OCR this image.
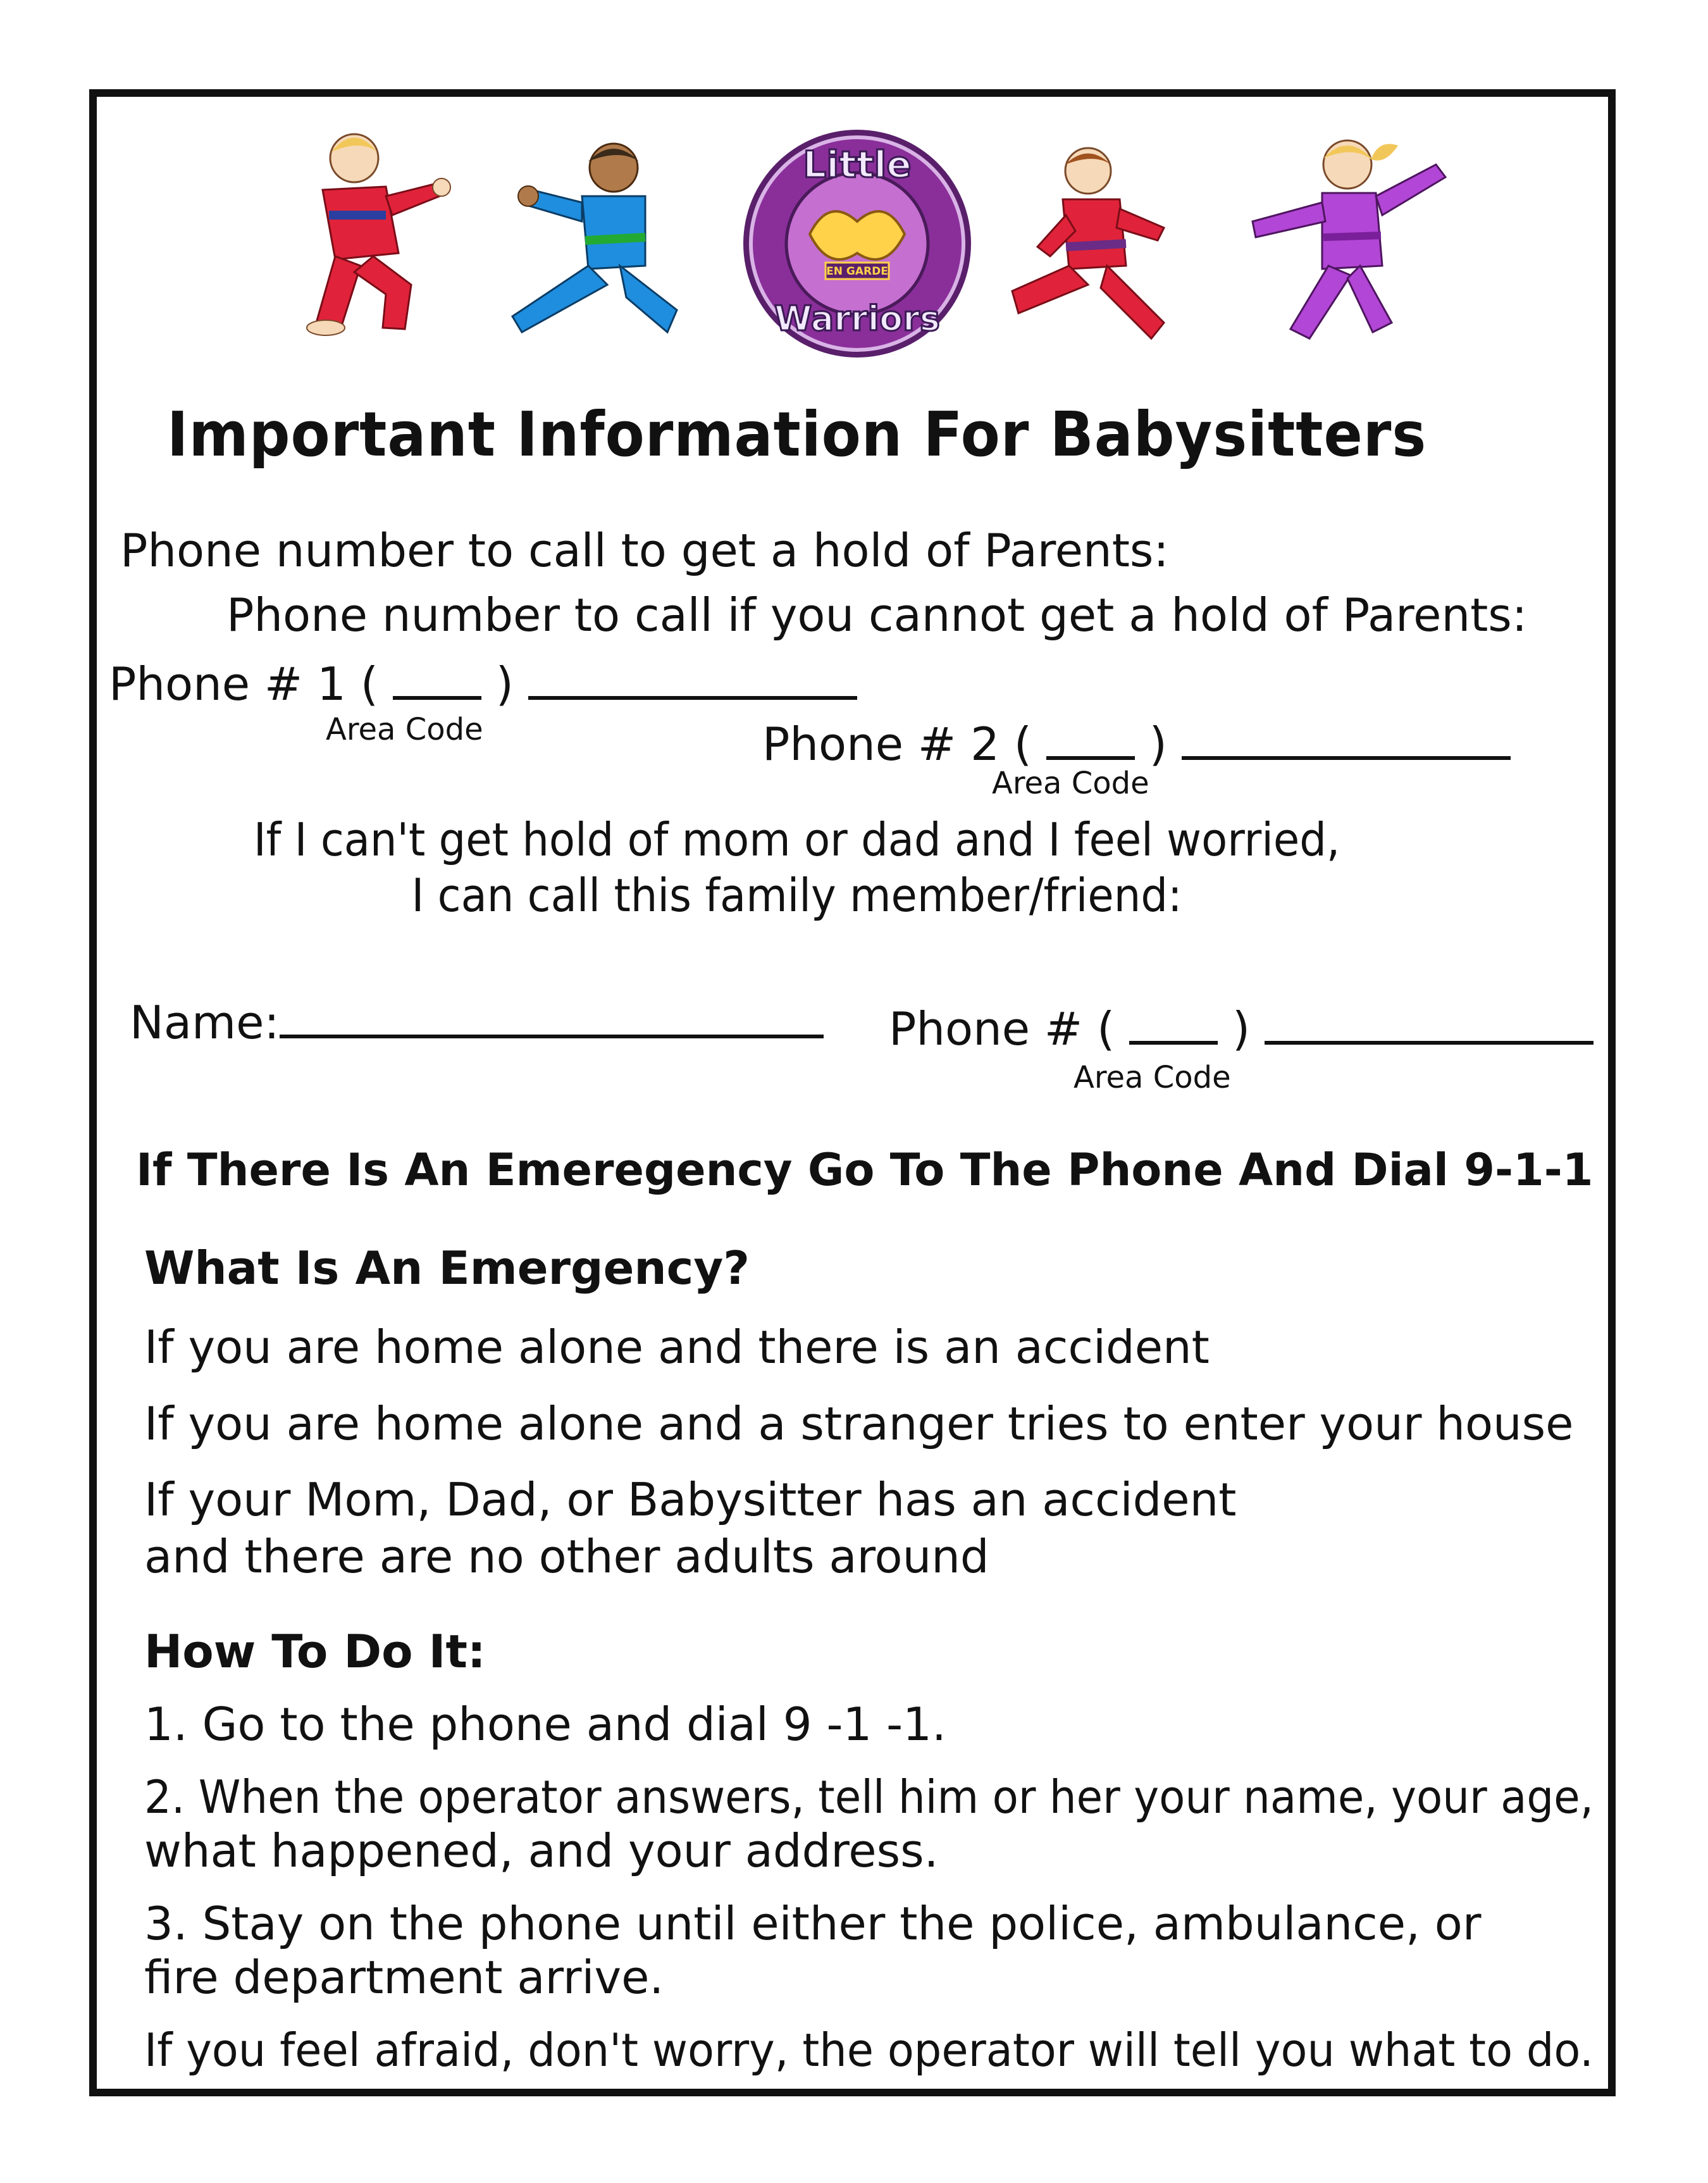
EN GARDE
Little
Warriors
Important Information For Babysitters
Phone number to call to get a hold of Parents:
Phone number to call if you cannot get a hold of Parents:
Phone # 1 (  )
Area Code	Phone # 2 (  )
Area Code
If I can't get hold of mom or dad and I feel worried,
I can call this family member/friend:
Name:	Phone # (  )
Area Code
If There Is An Emeregency Go To The Phone And Dial 9-1-1
What Is An Emergency?
If you are home alone and there is an accident
If you are home alone and a stranger tries to enter your house
If your Mom, Dad, or Babysitter has an accident
and there are no other adults around
How To Do It:
1. Go to the phone and dial 9 -1 -1.
2. When the operator answers, tell him or her your name, your age,
what happened, and your address.
3. Stay on the phone until either the police, ambulance, or
fire department arrive.
If you feel afraid, don't worry, the operator will tell you what to do.
